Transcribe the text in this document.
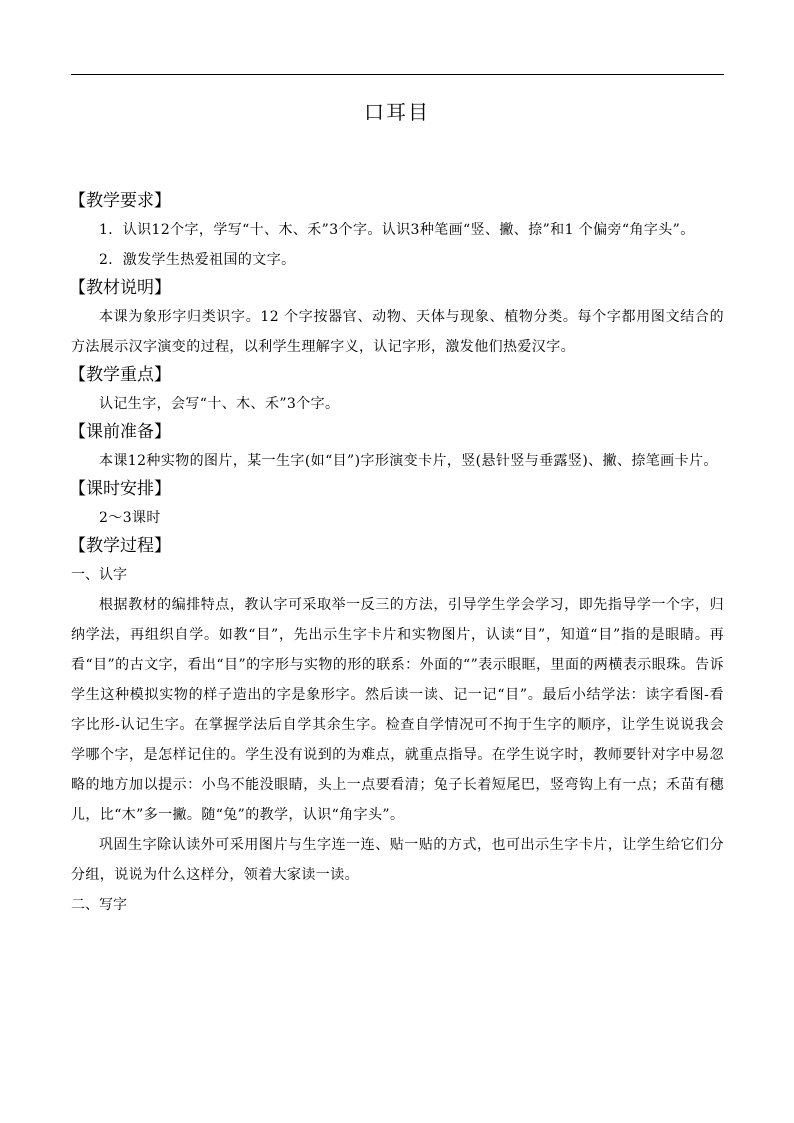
口耳目
【教学要求】

1．认识12个字，学写“十、木、禾”3个字。认识3种笔画“竖、撇、捺”和1 个偏旁“角字头”。

2．激发学生热爱祖国的文字。

【教材说明】

本课为象形字归类识字。12 个字按器官、动物、天体与现象、植物分类。每个字都用图文结合的方法展示汉字演变的过程，以利学生理解字义，认记字形，激发他们热爱汉字。

【教学重点】

认记生字，会写“十、木、禾”3个字。

【课前准备】

本课12种实物的图片，某一生字(如“目”)字形演变卡片，竖(悬针竖与垂露竖)、撇、捺笔画卡片。

【课时安排】

2～3课时

【教学过程】

一、认字

根据教材的编排特点，教认字可采取举一反三的方法，引导学生学会学习，即先指导学一个字，归纳学法，再组织自学。如教“目”，先出示生字卡片和实物图片，认读“目”，知道“目”指的是眼睛。再看“目”的古文字，看出“目”的字形与实物的形的联系：外面的“”表示眼眶，里面的两横表示眼珠。告诉学生这种模拟实物的样子造出的字是象形字。然后读一读、记一记“目”。最后小结学法：读字看图-看字比形-认记生字。在掌握学法后自学其余生字。检查自学情况可不拘于生字的顺序，让学生说说我会学哪个字，是怎样记住的。学生没有说到的为难点，就重点指导。在学生说字时，教师要针对字中易忽略的地方加以提示：小鸟不能没眼睛，头上一点要看清；兔子长着短尾巴，竖弯钩上有一点；禾苗有穗儿，比“木”多一撇。随“兔”的教学，认识“角字头”。

巩固生字除认读外可采用图片与生字连一连、贴一贴的方式，也可出示生字卡片，让学生给它们分分组，说说为什么这样分，领着大家读一读。

二、写字
